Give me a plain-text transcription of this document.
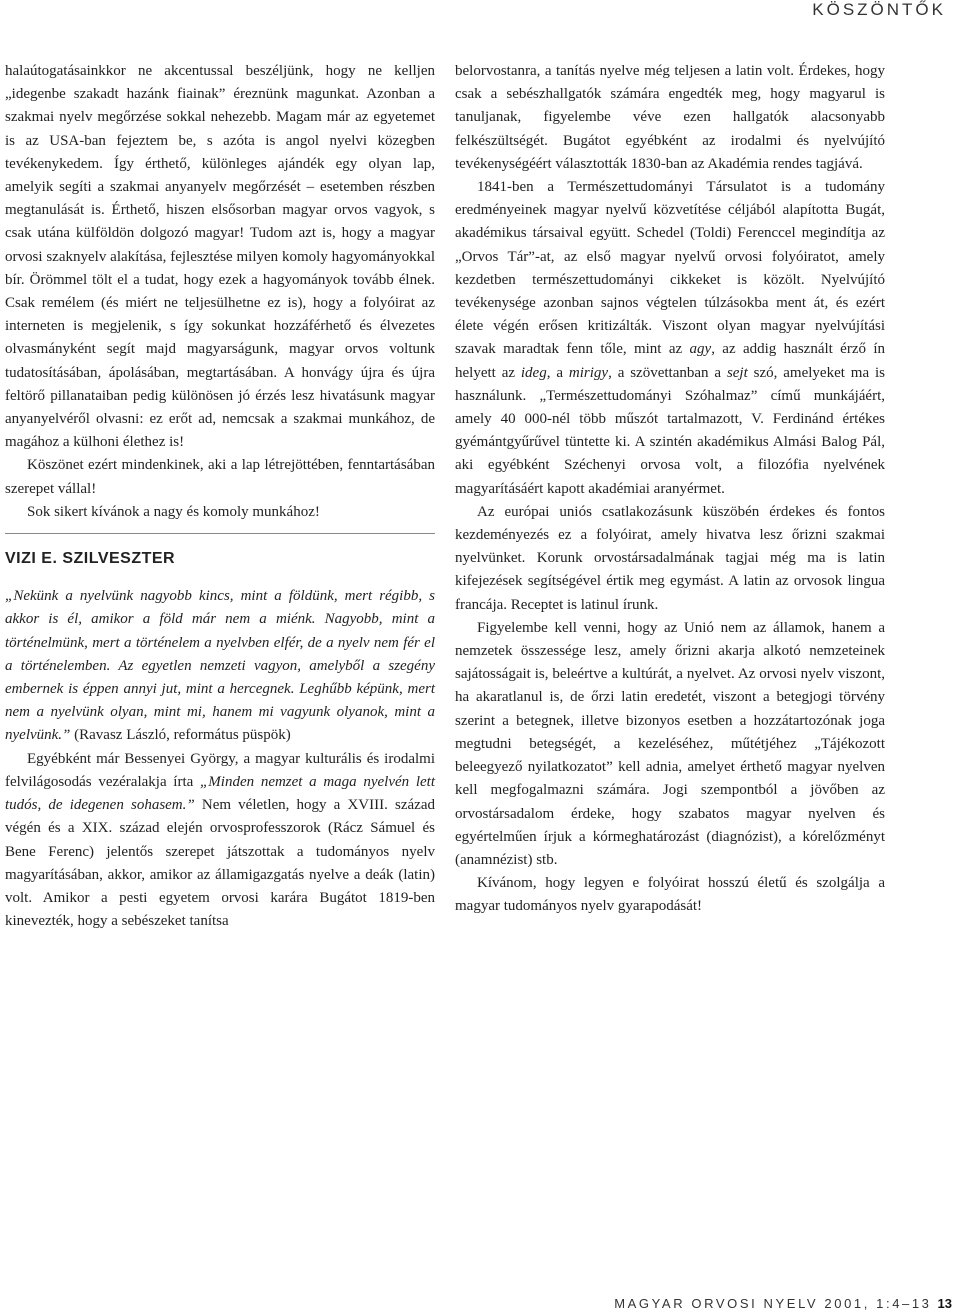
KÖSZÖNTŐK

halaútogatásainkkor ne akcentussal beszéljünk, hogy ne kelljen „idegenbe szakadt hazánk fiainak” éreznünk magunkat. Azonban a szakmai nyelv megőrzése sokkal nehezebb. Magam már az egyetemet is az USA-ban fejeztem be, s azóta is angol nyelvi közegben tevékenykedem. Így érthető, különleges ajándék egy olyan lap, amelyik segíti a szakmai anyanyelv megőrzését – esetemben részben megtanulását is. Érthető, hiszen elsősorban magyar orvos vagyok, s csak utána külföldön dolgozó magyar! Tudom azt is, hogy a magyar orvosi szaknyelv alakítása, fejlesztése milyen komoly hagyományokkal bír. Örömmel tölt el a tudat, hogy ezek a hagyományok tovább élnek. Csak remélem (és miért ne teljesülhetne ez is), hogy a folyóirat az interneten is megjelenik, s így sokunkat hozzáférhető és élvezetes olvasmányként segít majd magyarságunk, magyar orvos voltunk tudatosításában, ápolásában, megtartásában. A honvágy újra és újra feltörő pillanataiban pedig különösen jó érzés lesz hivatásunk magyar anyanyelvéről olvasni: ez erőt ad, nemcsak a szakmai munkához, de magához a külhoni élethez is!

Köszönet ezért mindenkinek, aki a lap létrejöttében, fenntartásában szerepet vállal!

Sok sikert kívánok a nagy és komoly munkához!

VIZI E. SZILVESZTER

„Nekünk a nyelvünk nagyobb kincs, mint a földünk, mert régibb, s akkor is él, amikor a föld már nem a miénk. Nagyobb, mint a történelmünk, mert a történelem a nyelvben elfér, de a nyelv nem fér el a történelemben. Az egyetlen nemzeti vagyon, amelyből a szegény embernek is éppen annyi jut, mint a hercegnek. Leghűbb képünk, mert nem a nyelvünk olyan, mint mi, hanem mi vagyunk olyanok, mint a nyelvünk.” (Ravasz László, református püspök)

Egyébként már Bessenyei György, a magyar kulturális és irodalmi felvilágosodás vezéralakja írta „Minden nemzet a maga nyelvén lett tudós, de idegenen sohasem.” Nem véletlen, hogy a XVIII. század végén és a XIX. század elején orvosprofesszorok (Rácz Sámuel és Bene Ferenc) jelentős szerepet játszottak a tudományos nyelv magyarításában, akkor, amikor az államigazgatás nyelve a deák (latin) volt. Amikor a pesti egyetem orvosi karára Bugátot 1819-ben kinevezték, hogy a sebészeket tanítsa

belorvostanra, a tanítás nyelve még teljesen a latin volt. Érdekes, hogy csak a sebészhallgatók számára engedték meg, hogy magyarul is tanuljanak, figyelembe véve ezen hallgatók alacsonyabb felkészültségét. Bugátot egyébként az irodalmi és nyelvújító tevékenységéért választották 1830-ban az Akadémia rendes tagjává.

1841-ben a Természettudományi Társulatot is a tudomány eredményeinek magyar nyelvű közvetítése céljából alapította Bugát, akadémikus társaival együtt. Schedel (Toldi) Ferenccel megindítja az „Orvos Tár”-at, az első magyar nyelvű orvosi folyóiratot, amely kezdetben természettudományi cikkeket is közölt. Nyelvújító tevékenysége azonban sajnos végtelen túlzásokba ment át, és ezért élete végén erősen kritizálták. Viszont olyan magyar nyelvújítási szavak maradtak fenn tőle, mint az agy, az addig használt érző ín helyett az ideg, a mirigy, a szövettanban a sejt szó, amelyeket ma is használunk. „Természettudományi Szóhalmaz” című munkájáért, amely 40 000-nél több műszót tartalmazott, V. Ferdinánd értékes gyémántgyűrűvel tüntette ki. A szintén akadémikus Almási Balog Pál, aki egyébként Széchenyi orvosa volt, a filozófia nyelvének magyarításáért kapott akadémiai aranyérmet.

Az európai uniós csatlakozásunk küszöbén érdekes és fontos kezdeményezés ez a folyóirat, amely hivatva lesz őrizni szakmai nyelvünket. Korunk orvostársadalmának tagjai még ma is latin kifejezések segítségével értik meg egymást. A latin az orvosok lingua francája. Receptet is latinul írunk.

Figyelembe kell venni, hogy az Unió nem az államok, hanem a nemzetek összessége lesz, amely őrizni akarja alkotó nemzeteinek sajátosságait is, beleértve a kultúrát, a nyelvet. Az orvosi nyelv viszont, ha akaratlanul is, de őrzi latin eredetét, viszont a betegjogi törvény szerint a betegnek, illetve bizonyos esetben a hozzátartozónak joga megtudni betegségét, a kezeléséhez, műtétjéhez „Tájékozott beleegyező nyilatkozatot” kell adnia, amelyet érthető magyar nyelven kell megfogalmazni számára. Jogi szempontból a jövőben az orvostársadalom érdeke, hogy szabatos magyar nyelven és egyértelműen írjuk a kórmeghatározást (diagnózist), a kórelőzményt (anamnézist) stb.

Kívánom, hogy legyen e folyóirat hosszú életű és szolgálja a magyar tudományos nyelv gyarapodását!

MAGYAR ORVOSI NYELV 2001, 1:4–13 13
